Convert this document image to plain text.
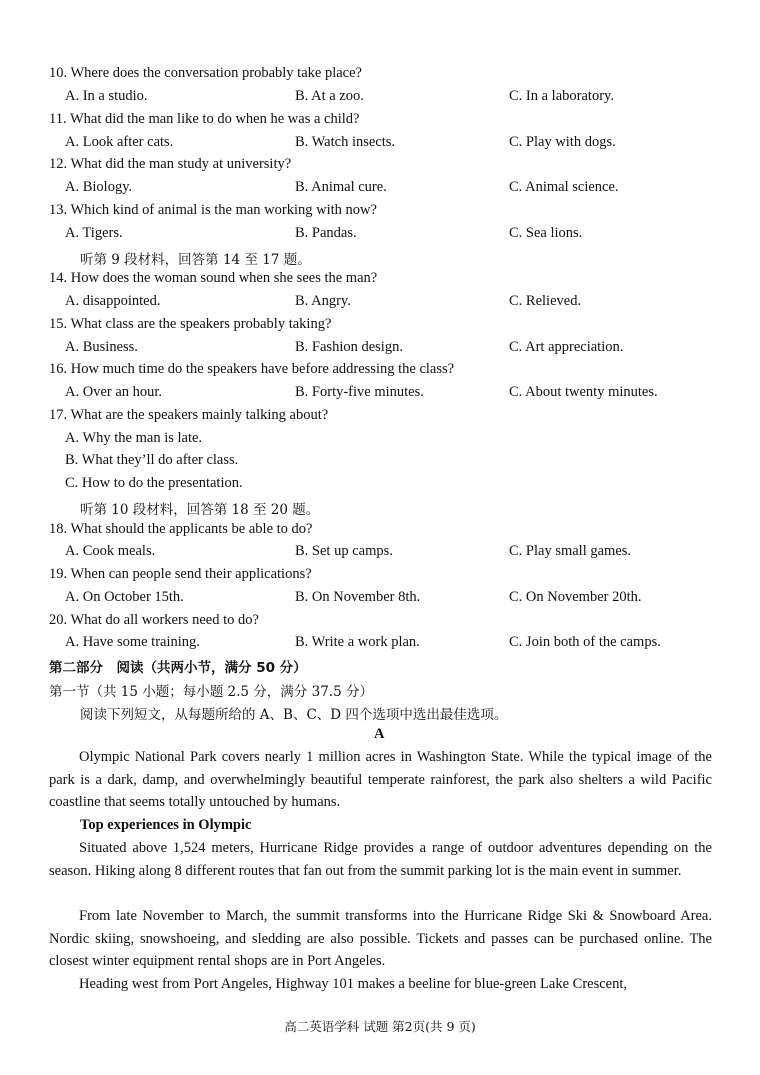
10. Where does the conversation probably take place?
A. In a studio.	B. At a zoo.	C. In a laboratory.
11. What did the man like to do when he was a child?
A. Look after cats.	B. Watch insects.	C. Play with dogs.
12. What did the man study at university?
A. Biology.	B. Animal cure.	C. Animal science.
13. Which kind of animal is the man working with now?
A. Tigers.	B. Pandas.	C. Sea lions.
听第 9 段材料，回答第 14 至 17 题。
14. How does the woman sound when she sees the man?
A. disappointed.	B. Angry.	C. Relieved.
15. What class are the speakers probably taking?
A. Business.	B. Fashion design.	C. Art appreciation.
16. How much time do the speakers have before addressing the class?
A. Over an hour.	B. Forty-five minutes.	C. About twenty minutes.
17. What are the speakers mainly talking about?
A. Why the man is late.
B. What they’ll do after class.
C. How to do the presentation.
听第 10 段材料，回答第 18 至 20 题。
18. What should the applicants be able to do?
A. Cook meals.	B. Set up camps.	C. Play small games.
19. When can people send their applications?
A. On October 15th.	B. On November 8th.	C. On November 20th.
20. What do all workers need to do?
A. Have some training.	B. Write a work plan.	C. Join both of the camps.
第二部分　阅读（共两小节，满分 50 分）
第一节（共 15 小题；每小题 2.5 分，满分 37.5 分）
阅读下列短文，从每题所给的 A、B、C、D 四个选项中选出最佳选项。
A

Olympic National Park covers nearly 1 million acres in Washington State. While the typical image of the park is a dark, damp, and overwhelmingly beautiful temperate rainforest, the park also shelters a wild Pacific coastline that seems totally untouched by humans.

Top experiences in Olympic

Situated above 1,524 meters, Hurricane Ridge provides a range of outdoor adventures depending on the season. Hiking along 8 different routes that fan out from the summit parking lot is the main event in summer.

From late November to March, the summit transforms into the Hurricane Ridge Ski & Snowboard Area. Nordic skiing, snowshoeing, and sledding are also possible. Tickets and passes can be purchased online. The closest winter equipment rental shops are in Port Angeles.

Heading west from Port Angeles, Highway 101 makes a beeline for blue-green Lake Crescent,

高二英语学科 试题 第2页(共 9 页)
